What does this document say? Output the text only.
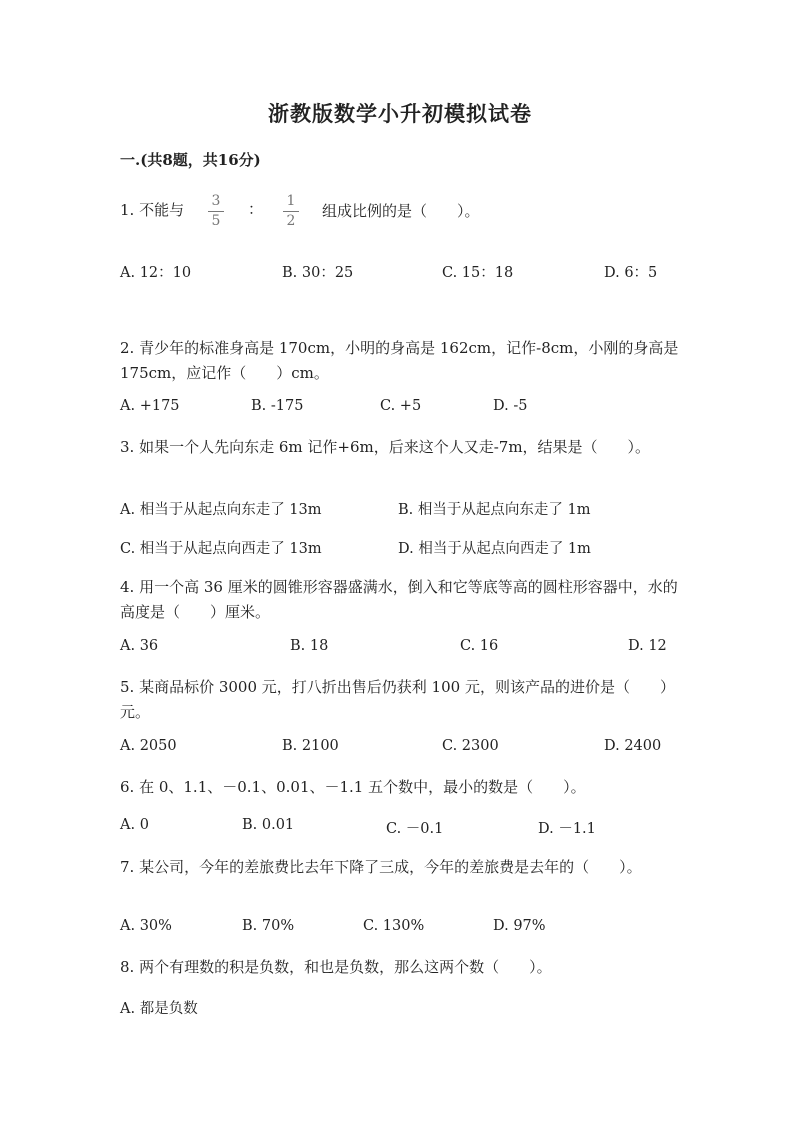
浙教版数学小升初模拟试卷
一.(共8题，共16分)
1. 不能与	3
5
： 1
2
组成比例的是（　　）。
A. 12：10	B. 30：25	C. 15：18	D. 6：5
2. 青少年的标准身高是 170cm，小明的身高是 162cm，记作-8cm，小刚的身高是 175cm，应记作（　　）cm。
A. +175	B. -175	C. +5	D. -5
3. 如果一个人先向东走 6m 记作+6m，后来这个人又走-7m，结果是（　　）。
A. 相当于从起点向东走了 13m	B. 相当于从起点向东走了 1m
C. 相当于从起点向西走了 13m	D. 相当于从起点向西走了 1m
4. 用一个高 36 厘米的圆锥形容器盛满水，倒入和它等底等高的圆柱形容器中，水的高度是（　　）厘米。
A. 36	B. 18	C. 16	D. 12
5. 某商品标价 3000 元，打八折出售后仍获利 100 元，则该产品的进价是（　　）元。
A. 2050	B. 2100	C. 2300	D. 2400
6. 在 0、1.1、－0.1、0.01、－1.1 五个数中，最小的数是（　　）。
A. 0	B. 0.01	C. －0.1	D. －1.1
7. 某公司，今年的差旅费比去年下降了三成，今年的差旅费是去年的（　　）。
A. 30%	B. 70%	C. 130%	D. 97%
8. 两个有理数的积是负数，和也是负数，那么这两个数（　　）。
A. 都是负数
